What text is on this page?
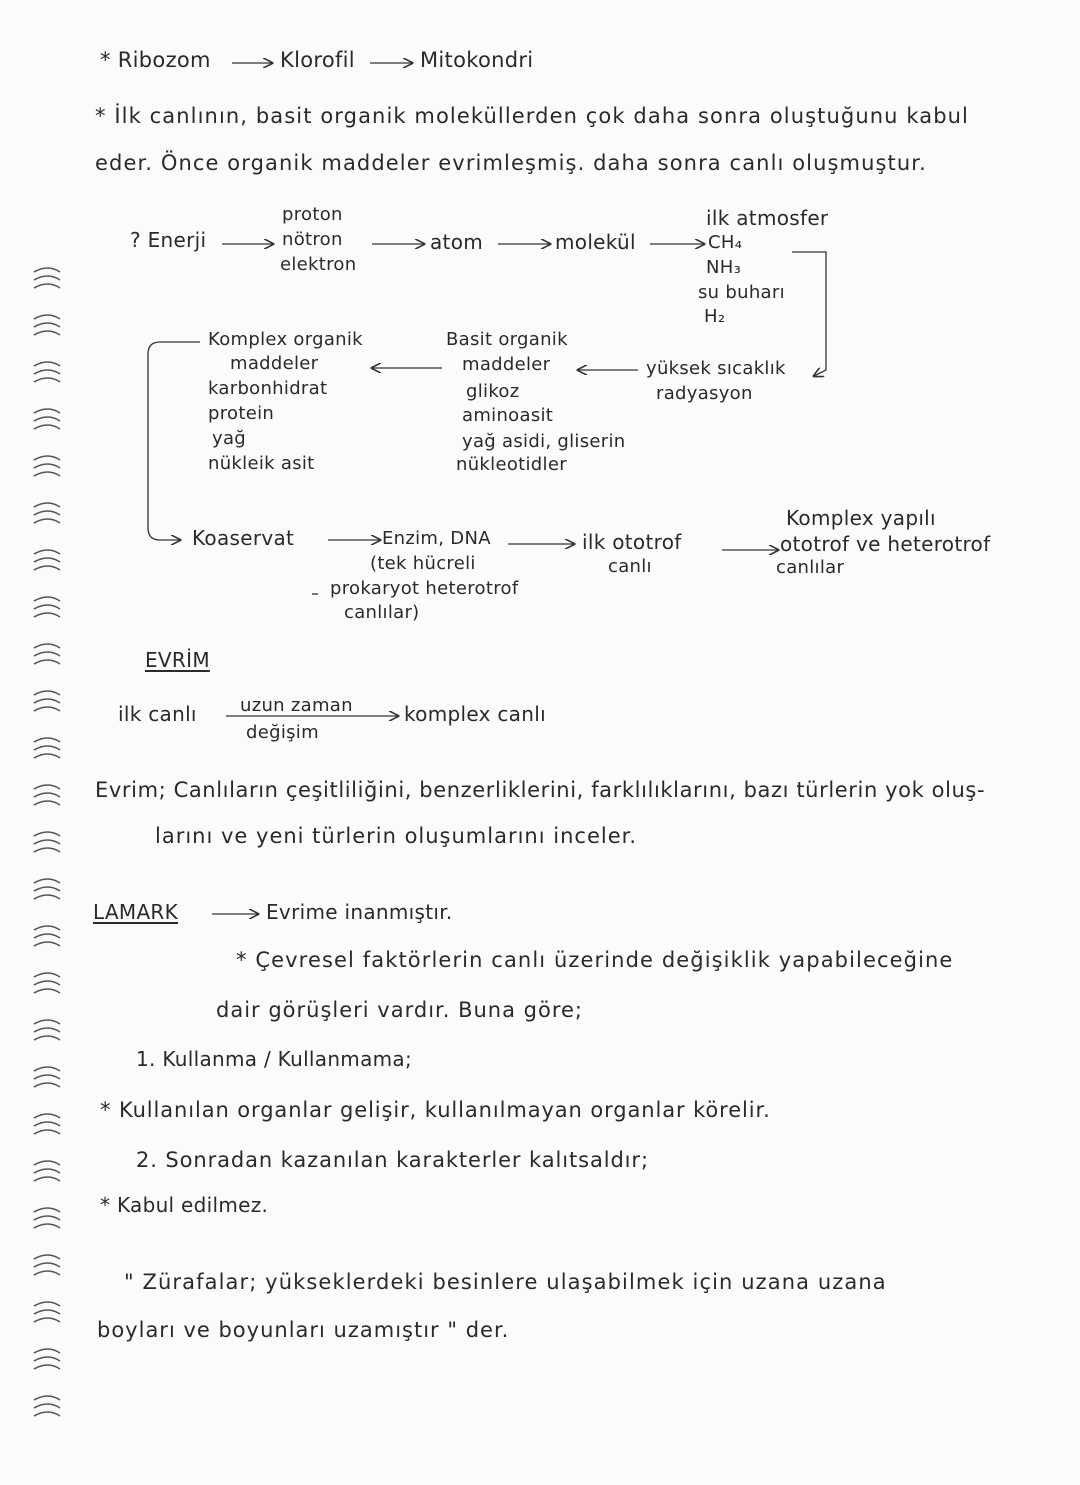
* Ribozom	Klorofil	Mitokondri
* İlk canlının, basit organik moleküllerden çok daha sonra oluştuğunu kabul
eder. Önce organik maddeler evrimleşmiş. daha sonra canlı oluşmuştur.
? Enerji
proton
nötron
elektron
atom	molekül
ilk atmosfer
CH₄
NH₃
su buharı
H₂
yüksek sıcaklık
radyasyon
Basit organik
maddeler
glikoz
aminoasit
yağ asidi, gliserin
nükleotidler
Komplex organik
maddeler
karbonhidrat
protein
yağ
nükleik asit
Koaservat	Enzim, DNA
(tek hücreli
prokaryot heterotrof
canlılar)
ilk ototrof
canlı
Komplex yapılı
ototrof ve heterotrof
canlılar
EVRİM
ilk canlı uzun zaman
değişim
komplex canlı
Evrim; Canlıların çeşitliliğini, benzerliklerini, farklılıklarını, bazı türlerin yok oluş-
larını ve yeni türlerin oluşumlarını inceler.
LAMARK	Evrime inanmıştır.
* Çevresel faktörlerin canlı üzerinde değişiklik yapabileceğine
dair görüşleri vardır. Buna göre;
1. Kullanma / Kullanmama;
* Kullanılan organlar gelişir, kullanılmayan organlar körelir.
2. Sonradan kazanılan karakterler kalıtsaldır;
* Kabul edilmez.
" Zürafalar; yükseklerdeki besinlere ulaşabilmek için uzana uzana
boyları ve boyunları uzamıştır " der.
